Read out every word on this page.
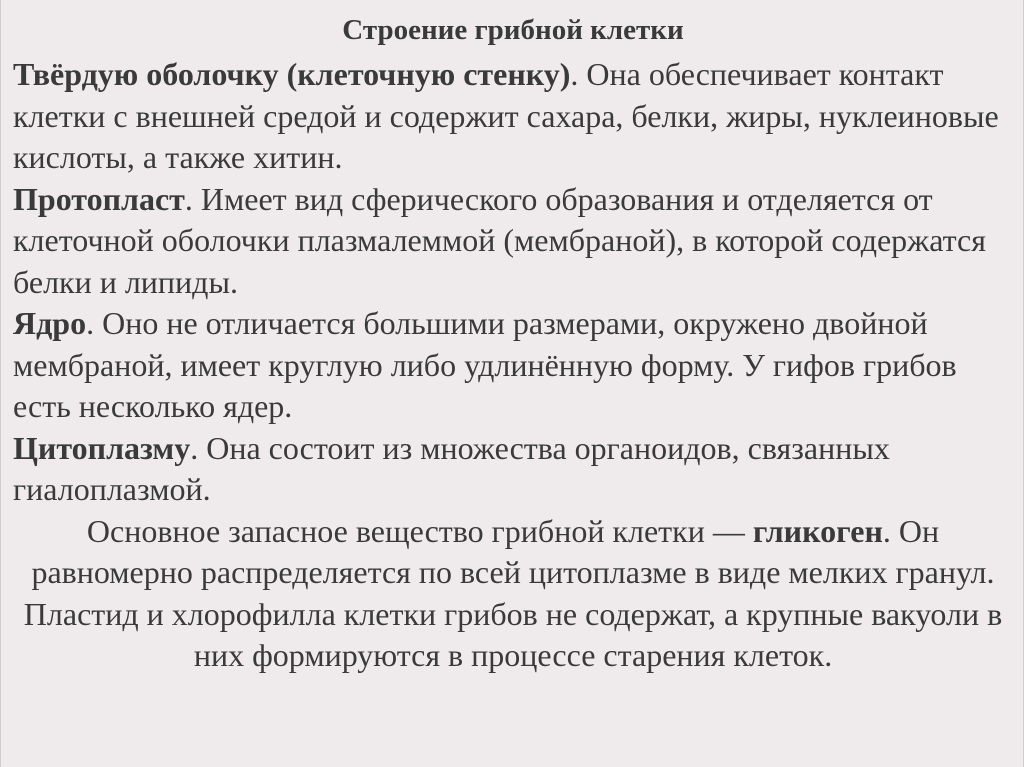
Строение грибной клетки

Твёрдую оболочку (клеточную стенку). Она обеспечивает контакт клетки с внешней средой и содержит сахара, белки, жиры, нуклеиновые кислоты, а также хитин.

Протопласт. Имеет вид сферического образования и отделяется от клеточной оболочки плазмалеммой (мембраной), в которой содержатся белки и липиды.

Ядро. Оно не отличается большими размерами, окружено двойной мембраной, имеет круглую либо удлинённую форму. У гифов грибов есть несколько ядер.

Цитоплазму. Она состоит из множества органоидов, связанных гиалоплазмой.

Основное запасное вещество грибной клетки — гликоген. Он равномерно распределяется по всей цитоплазме в виде мелких гранул.

Пластид и хлорофилла клетки грибов не содержат, а крупные вакуоли в них формируются в процессе старения клеток.
